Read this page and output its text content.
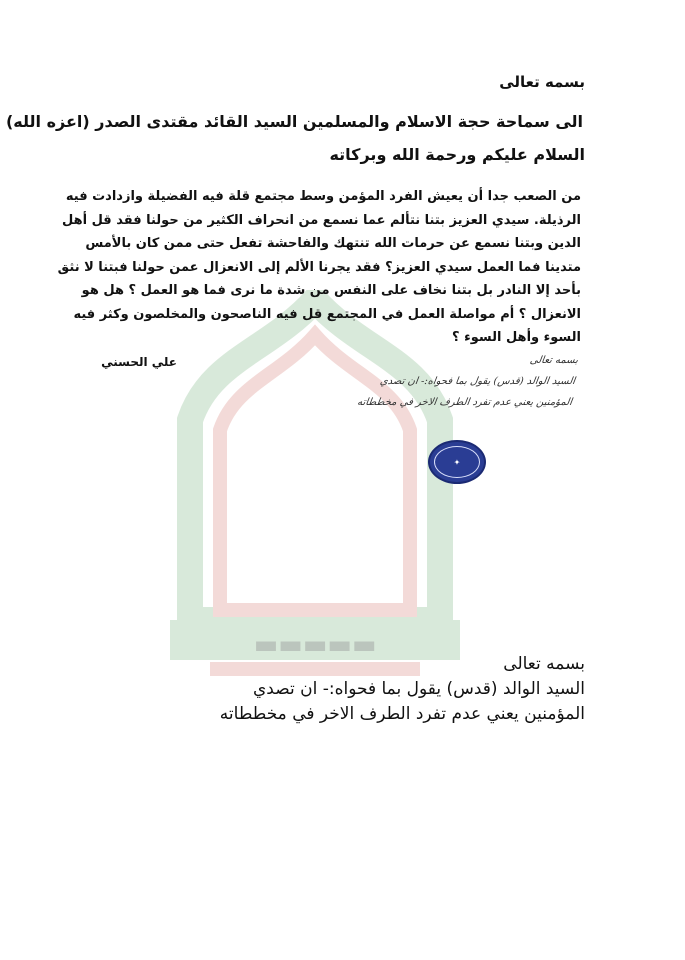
▬▬▬▬▬
بسمه تعالى
الى سماحة حجة الاسلام والمسلمين السيد القائد مقتدى الصدر (اعزه الله)
السلام عليكم ورحمة الله وبركاته
من الصعب جدا أن يعيش الفرد المؤمن وسط مجتمع قلة فيه الفضيلة وازدادت فيه
الرذيلة. سيدي العزيز بتنا نتألم عما نسمع من انحراف الكثير من حولنا فقد قل أهل
الدين وبتنا نسمع عن حرمات الله تنتهك والفاحشة تفعل حتى ممن كان بالأمس
متدينا فما العمل سيدي العزيز؟ فقد يجرنا الألم إلى الانعزال عمن حولنا فبتنا لا نثق
بأحد إلا النادر بل بتنا نخاف على النفس من شدة ما نرى فما هو العمل ؟ هل هو
الانعزال ؟ أم مواصلة العمل في المجتمع قل فيه الناصحون والمخلصون وكثر فيه
السوء وأهل السوء ؟
علي الحسني	بسمه تعالى
السيد الوالد (قدس) يقول بما فحواه:- ان تصدي
المؤمنين يعني عدم تفرد الطرف الاخر في مخططاته
✦
بسمه تعالى
السيد الوالد (قدس) يقول بما فحواه:- ان تصدي
المؤمنين يعني عدم تفرد الطرف الاخر في مخططاته
